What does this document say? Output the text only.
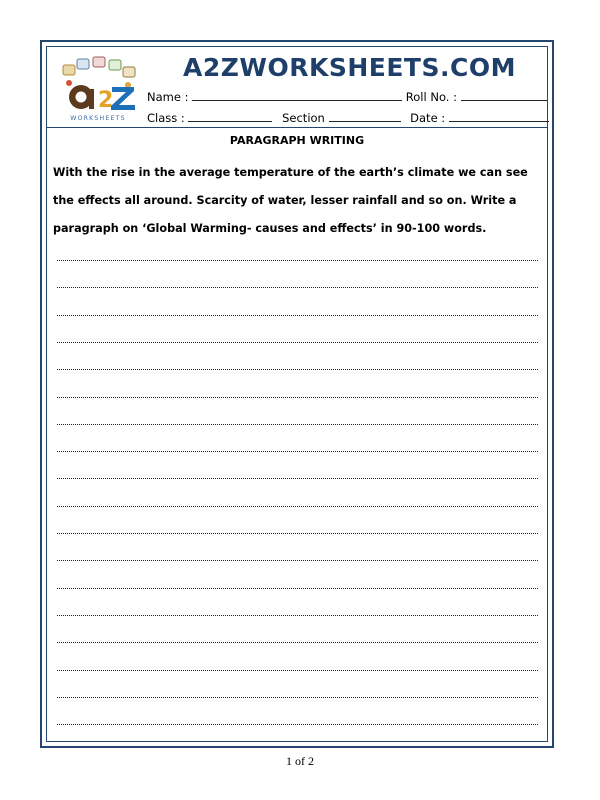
2
WORKSHEETS
A2ZWORKSHEETS.COM
Name :	Roll No. :
Class :	Section	Date :
PARAGRAPH WRITING
With the rise in the average temperature of the earth’s climate we can see the effects all around. Scarcity of water, lesser rainfall and so on. Write a paragraph on ‘Global Warming- causes and effects’ in 90-100 words.
1 of 2
